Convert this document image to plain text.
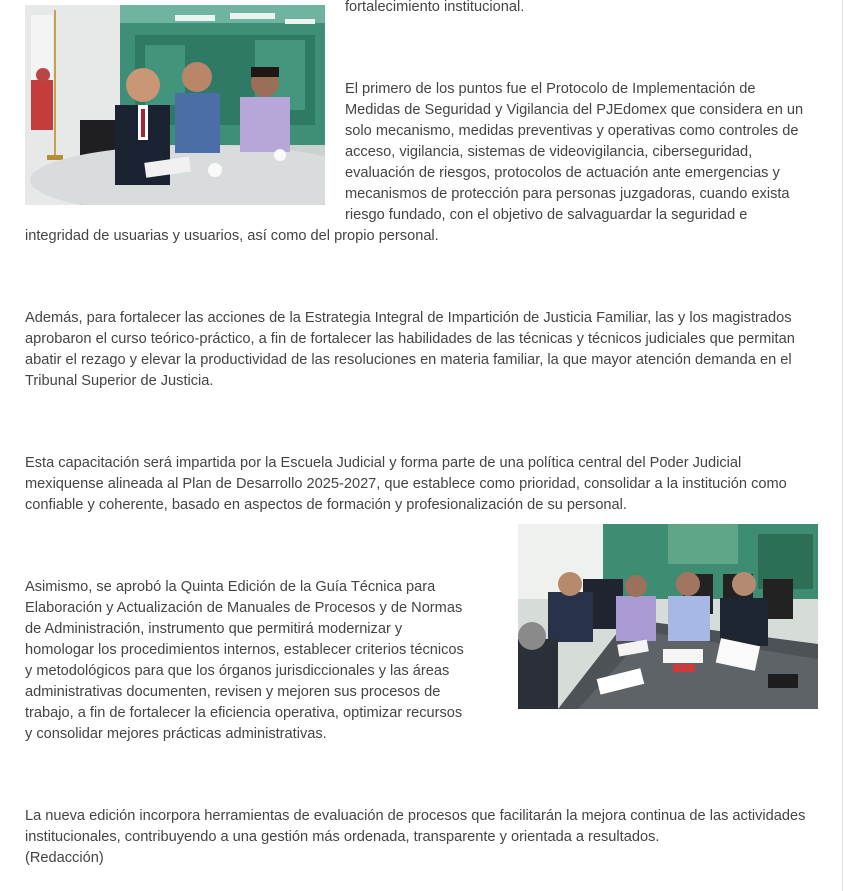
fortalecimiento institucional.

El primero de los puntos fue el Protocolo de Implementación de
Medidas de Seguridad y Vigilancia del PJEdomex que considera en un
solo mecanismo, medidas preventivas y operativas como controles de
acceso, vigilancia, sistemas de videovigilancia, ciberseguridad,
evaluación de riesgos, protocolos de actuación ante emergencias y
mecanismos de protección para personas juzgadoras, cuando exista
riesgo fundado, con el objetivo de salvaguardar la seguridad e

integridad de usuarias y usuarios, así como del propio personal.

Además, para fortalecer las acciones de la Estrategia Integral de Impartición de Justicia Familiar, las y los magistrados aprobaron el curso teórico-práctico, a fin de fortalecer las habilidades de las técnicas y técnicos judiciales que permitan abatir el rezago y elevar la productividad de las resoluciones en materia familiar, la que mayor atención demanda en el Tribunal Superior de Justicia.

Esta capacitación será impartida por la Escuela Judicial y forma parte de una política central del Poder Judicial mexiquense alineada al Plan de Desarrollo 2025-2027, que establece como prioridad, consolidar a la institución como confiable y coherente, basado en aspectos de formación y profesionalización de su personal.

Asimismo, se aprobó la Quinta Edición de la Guía Técnica para Elaboración y Actualización de Manuales de Procesos y de Normas de Administración, instrumento que permitirá modernizar y homologar los procedimientos internos, establecer criterios técnicos y metodológicos para que los órganos jurisdiccionales y las áreas administrativas documenten, revisen y mejoren sus procesos de trabajo, a fin de fortalecer la eficiencia operativa, optimizar recursos y consolidar mejores prácticas administrativas.

La nueva edición incorpora herramientas de evaluación de procesos que facilitarán la mejora continua de las actividades institucionales, contribuyendo a una gestión más ordenada, transparente y orientada a resultados.
(Redacción)
